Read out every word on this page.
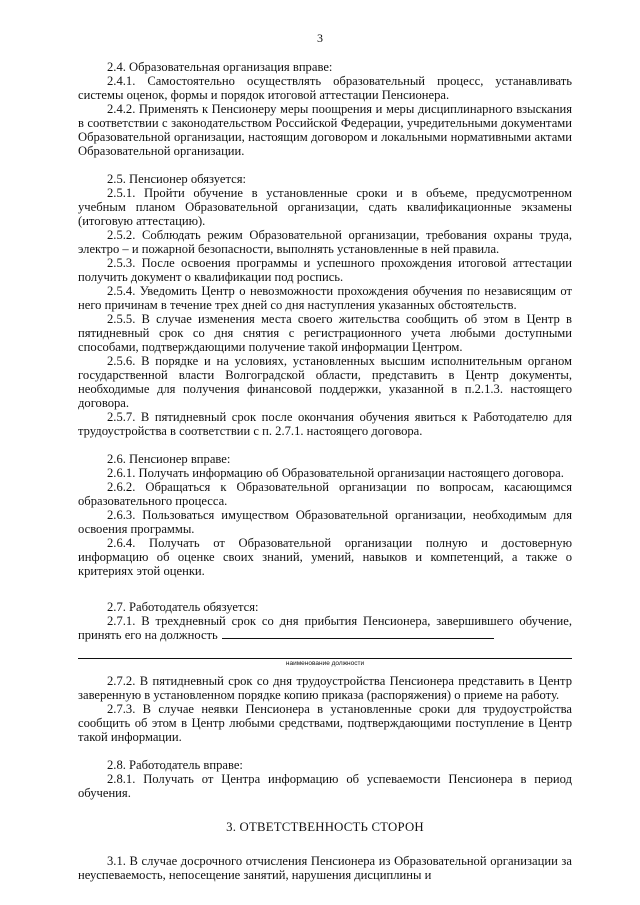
3

2.4. Образовательная организация вправе:

2.4.1. Самостоятельно осуществлять образовательный процесс, устанавливать системы оценок, формы и порядок итоговой аттестации Пенсионера.

2.4.2. Применять к Пенсионеру меры поощрения и меры дисциплинарного взыскания в соответствии с законодательством Российской Федерации, учредительными документами Образовательной организации, настоящим договором и локальными нормативными актами Образовательной организации.

2.5. Пенсионер обязуется:

2.5.1. Пройти обучение в установленные сроки и в объеме, предусмотренном учебным планом Образовательной организации, сдать квалификационные экзамены (итоговую аттестацию).

2.5.2. Соблюдать режим Образовательной организации, требования охраны труда, электро – и пожарной безопасности, выполнять установленные в ней правила.

2.5.3. После освоения программы и успешного прохождения итоговой аттестации получить документ о квалификации под роспись.

2.5.4. Уведомить Центр о невозможности прохождения обучения по независящим от него причинам в течение трех дней со дня наступления указанных обстоятельств.

2.5.5. В случае изменения места своего жительства сообщить об этом в Центр в пятидневный срок со дня снятия с регистрационного учета любыми доступными способами, подтверждающими получение такой информации Центром.

2.5.6. В порядке и на условиях, установленных высшим исполнительным органом государственной власти Волгоградской области, представить в Центр документы, необходимые для получения финансовой поддержки, указанной в п.2.1.3. настоящего договора.

2.5.7. В пятидневный срок после окончания обучения явиться к Работодателю для трудоустройства в соответствии с п. 2.7.1. настоящего договора.

2.6. Пенсионер вправе:

2.6.1. Получать информацию об Образовательной организации настоящего договора.

2.6.2. Обращаться к Образовательной организации по вопросам, касающимся образовательного процесса.

2.6.3. Пользоваться имуществом Образовательной организации, необходимым для освоения программы.

2.6.4. Получать от Образовательной организации полную и достоверную информацию об оценке своих знаний, умений, навыков и компетенций, а также о критериях этой оценки.

2.7. Работодатель обязуется:

2.7.1. В трехдневный срок со дня прибытия Пенсионера, завершившего обучение, принять его на должность

наименование должности

2.7.2. В пятидневный срок со дня трудоустройства Пенсионера представить в Центр заверенную в установленном порядке копию приказа (распоряжения) о приеме на работу.

2.7.3. В случае неявки Пенсионера в установленные сроки для трудоустройства сообщить об этом в Центр любыми средствами, подтверждающими поступление в Центр такой информации.

2.8. Работодатель вправе:

2.8.1. Получать от Центра информацию об успеваемости Пенсионера в период обучения.

3. ОТВЕТСТВЕННОСТЬ СТОРОН

3.1. В случае досрочного отчисления Пенсионера из Образовательной организации за неуспеваемость, непосещение занятий, нарушения дисциплины и
